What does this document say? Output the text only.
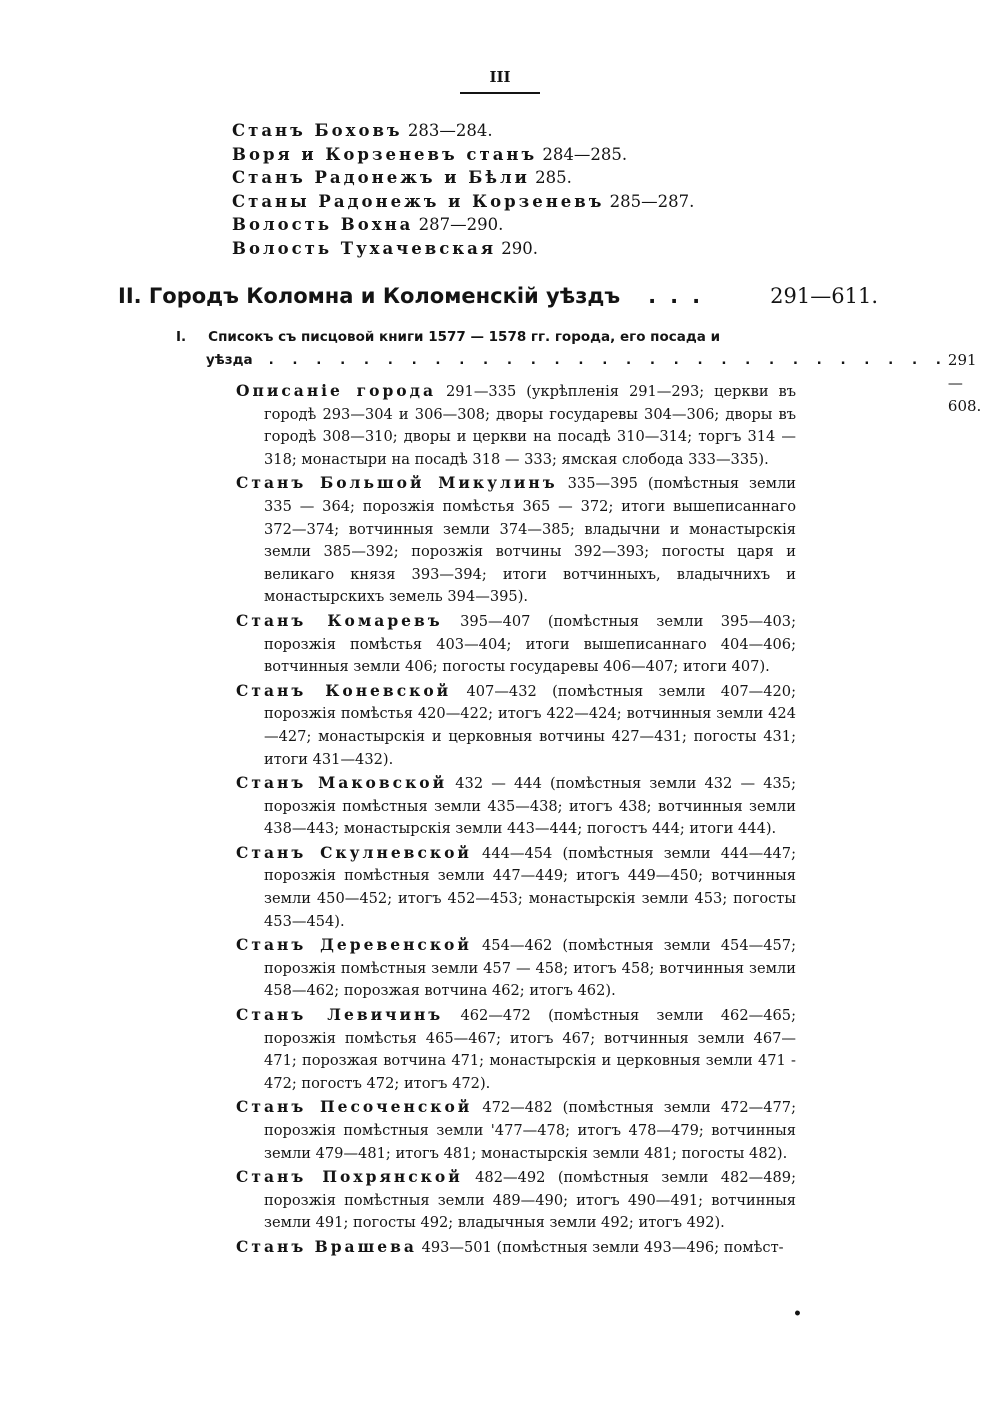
III
Станъ Боховъ 283—284.
Воря и Корзеневъ станъ 284—285.
Станъ Радонежъ и Бѣли 285.
Станы Радонежъ и Корзеневъ 285—287.
Волость Вохна 287—290.
Волость Тухачевская 290.
II. Городъ Коломна и Коломенскій уѣздъ ...	291—611.
I. Списокъ съ писцовой книги 1577 — 1578 гг. города, его посада и
уѣзда . . . . . . . . . . . . . . . . . . . . . . . . . . . . . 291—608.

Описаніе города 291—335 (укрѣпленія 291—293; церкви въ городѣ 293—304 и 306—308; дворы государевы 304—306; дворы въ городѣ 308—310; дворы и церкви на посадѣ 310—314; торгъ 314 — 318; монастыри на посадѣ 318 — 333; ямская слобода 333—335).

Станъ Большой Микулинъ 335—395 (помѣстныя земли 335 — 364; порозжія помѣстья 365 — 372; итоги вышеписаннаго 372—374; вотчинныя земли 374—385; владычни и монастырскія земли 385—392; порозжія вотчины 392—393; погосты царя и великаго князя 393—394; итоги вотчинныхъ, владычнихъ и монастырскихъ земель 394—395).

Станъ Комаревъ 395—407 (помѣстныя земли 395—403; порозжія помѣстья 403—404; итоги вышеписаннаго 404—406; вотчинныя земли 406; погосты государевы 406—407; итоги 407).

Станъ Коневской 407—432 (помѣстныя земли 407—420; порозжія помѣстья 420—422; итогъ 422—424; вотчинныя земли 424—427; монастырскія и церковныя вотчины 427—431; погосты 431; итоги 431—432).

Станъ Маковской 432 — 444 (помѣстныя земли 432 — 435; порозжія помѣстныя земли 435—438; итогъ 438; вотчинныя земли 438—443; монастырскія земли 443—444; погостъ 444; итоги 444).

Станъ Скулневской 444—454 (помѣстныя земли 444—447; порозжія помѣстныя земли 447—449; итогъ 449—450; вотчинныя земли 450—452; итогъ 452—453; монастырскія земли 453; погосты 453—454).

Станъ Деревенской 454—462 (помѣстныя земли 454—457; порозжія помѣстныя земли 457 — 458; итогъ 458; вотчинныя земли 458—462; порозжая вотчина 462; итогъ 462).

Станъ Левичинъ 462—472 (помѣстныя земли 462—465; порозжія помѣстья 465—467; итогъ 467; вотчинныя земли 467—471; порозжая вотчина 471; монастырскія и церковныя земли 471 - 472; погостъ 472; итогъ 472).

Станъ Песоченской 472—482 (помѣстныя земли 472—477; порозжія помѣстныя земли '477—478; итогъ 478—479; вотчинныя земли 479—481; итогъ 481; монастырскія земли 481; погосты 482).

Станъ Похрянской 482—492 (помѣстныя земли 482—489; порозжія помѣстныя земли 489—490; итогъ 490—491; вотчинныя земли 491; погосты 492; владычныя земли 492; итогъ 492).

Станъ Врашева 493—501 (помѣстныя земли 493—496; помѣст-

•
